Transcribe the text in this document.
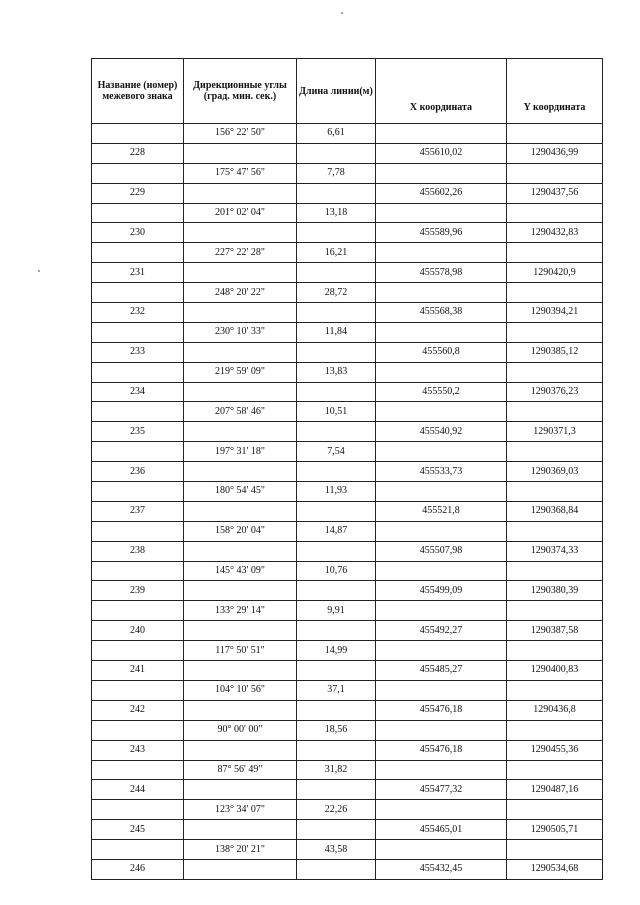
Название (номер) межевого знака	Дирекционные углы (град. мин. сек.)	Длина линии(м)	X координата	Y координата
	156° 22' 50"	6,61		
228			455610,02	1290436,99
	175° 47' 56"	7,78		
229			455602,26	1290437,56
	201° 02' 04"	13,18		
230			455589,96	1290432,83
	227° 22' 28"	16,21		
231			455578,98	1290420,9
	248° 20' 22"	28,72		
232			455568,38	1290394,21
	230° 10' 33"	11,84		
233			455560,8	1290385,12
	219° 59' 09"	13,83		
234			455550,2	1290376,23
	207° 58' 46"	10,51		
235			455540,92	1290371,3
	197° 31' 18"	7,54		
236			455533,73	1290369,03
	180° 54' 45"	11,93		
237			455521,8	1290368,84
	158° 20' 04"	14,87		
238			455507,98	1290374,33
	145° 43' 09"	10,76		
239			455499,09	1290380,39
	133° 29' 14"	9,91		
240			455492,27	1290387,58
	117° 50' 51"	14,99		
241			455485,27	1290400,83
	104° 10' 56"	37,1		
242			455476,18	1290436,8
	90° 00' 00"	18,56		
243			455476,18	1290455,36
	87° 56' 49"	31,82		
244			455477,32	1290487,16
	123° 34' 07"	22,26		
245			455465,01	1290505,71
	138° 20' 21"	43,58		
246			455432,45	1290534,68
